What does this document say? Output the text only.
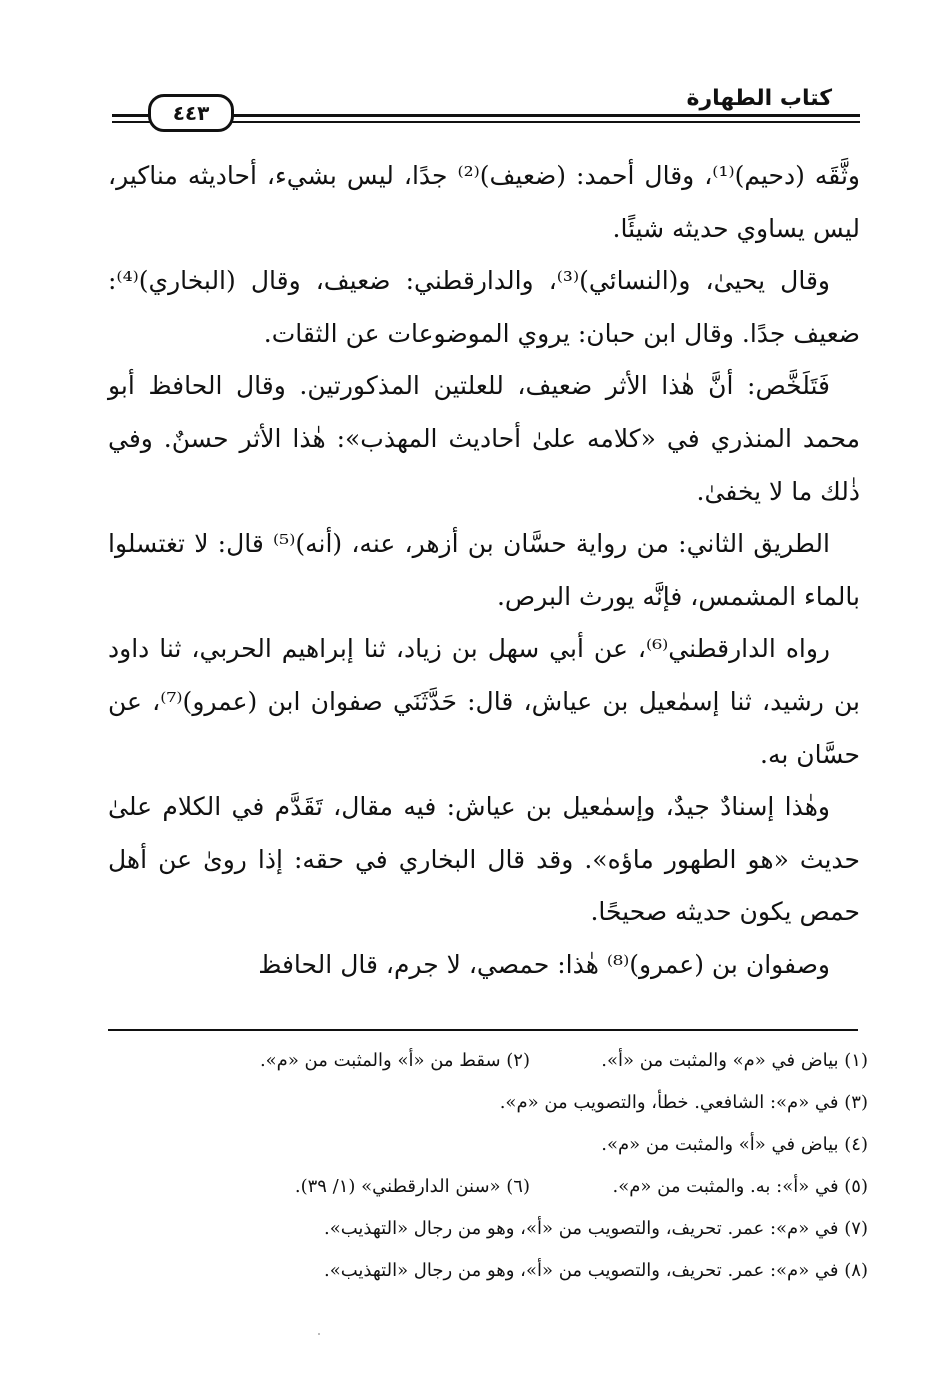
كتاب الطهارة
٤٤٣

وثَّقَه (دحيم)⁽¹⁾، وقال أحمد: (ضعيف)⁽²⁾ جدًا، ليس بشيء، أحاديثه مناكير، ليس يساوي حديثه شيئًا.

وقال يحيىٰ، و(النسائي)⁽³⁾، والدارقطني: ضعيف، وقال (البخاري)⁽⁴⁾: ضعيف جدًا. وقال ابن حبان: يروي الموضوعات عن الثقات.

فَتَلَخَّص: أنَّ هٰذا الأثر ضعيف، للعلتين المذكورتين. وقال الحافظ أبو محمد المنذري في «كلامه علىٰ أحاديث المهذب»: هٰذا الأثر حسنٌ. وفي ذٰلك ما لا يخفىٰ.

الطريق الثاني: من رواية حسَّان بن أزهر، عنه، (أنه)⁽⁵⁾ قال: لا تغتسلوا بالماء المشمس، فإنَّه يورث البرص.

رواه الدارقطني⁽⁶⁾، عن أبي سهل بن زياد، ثنا إبراهيم الحربي، ثنا داود بن رشيد، ثنا إسمٰعيل بن عياش، قال: حَدَّثَنَي صفوان ابن (عمرو)⁽⁷⁾، عن حسَّان به.

وهٰذا إسنادٌ جيدٌ، وإسمٰعيل بن عياش: فيه مقال، تَقَدَّم في الكلام علىٰ حديث «هو الطهور ماؤه». وقد قال البخاري في حقه: إذا روىٰ عن أهل حمص يكون حديثه صحيحًا.

وصفوان بن (عمرو)⁽⁸⁾ هٰذا: حمصي، لا جرم، قال الحافظ

(١) بياض في «م» والمثبت من «أ».
(٢) سقط من «أ» والمثبت من «م».
(٣) في «م»: الشافعي. خطأ، والتصويب من «م».
(٤) بياض في «أ» والمثبت من «م».
(٥) في «أ»: به. والمثبت من «م».
(٦) «سنن الدارقطني» (١/ ٣٩).
(٧) في «م»: عمر. تحريف، والتصويب من «أ»، وهو من رجال «التهذيب».
(٨) في «م»: عمر. تحريف، والتصويب من «أ»، وهو من رجال «التهذيب».
